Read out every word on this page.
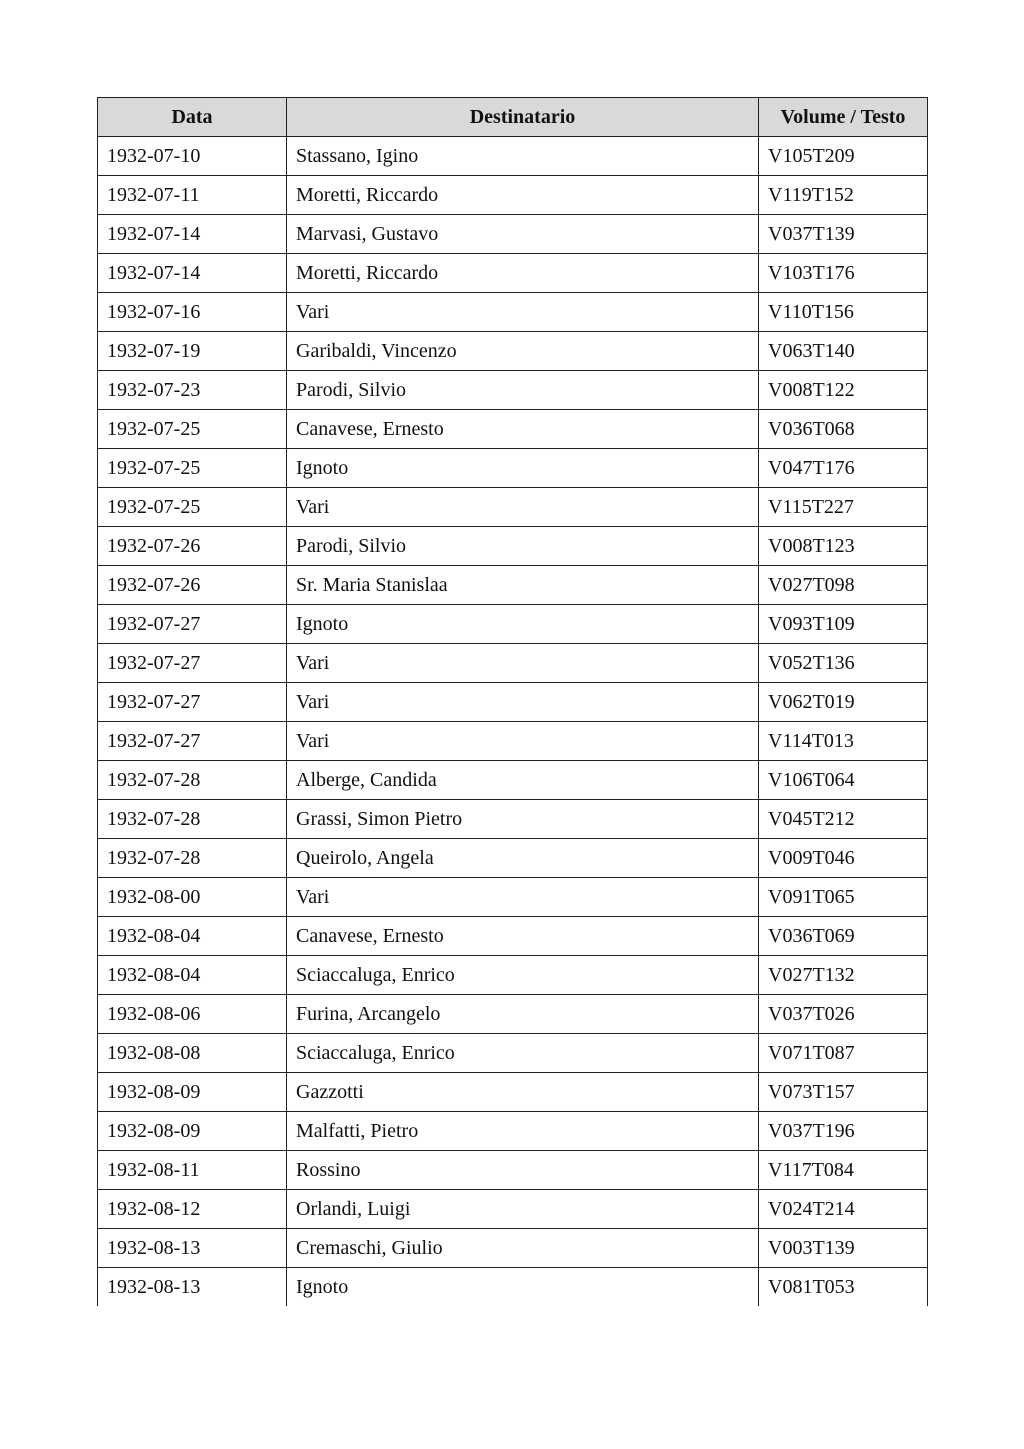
Data	Destinatario	Volume / Testo
1932-07-10	Stassano, Igino	V105T209
1932-07-11	Moretti, Riccardo	V119T152
1932-07-14	Marvasi, Gustavo	V037T139
1932-07-14	Moretti, Riccardo	V103T176
1932-07-16	Vari	V110T156
1932-07-19	Garibaldi, Vincenzo	V063T140
1932-07-23	Parodi, Silvio	V008T122
1932-07-25	Canavese, Ernesto	V036T068
1932-07-25	Ignoto	V047T176
1932-07-25	Vari	V115T227
1932-07-26	Parodi, Silvio	V008T123
1932-07-26	Sr. Maria Stanislaa	V027T098
1932-07-27	Ignoto	V093T109
1932-07-27	Vari	V052T136
1932-07-27	Vari	V062T019
1932-07-27	Vari	V114T013
1932-07-28	Alberge, Candida	V106T064
1932-07-28	Grassi, Simon Pietro	V045T212
1932-07-28	Queirolo, Angela	V009T046
1932-08-00	Vari	V091T065
1932-08-04	Canavese, Ernesto	V036T069
1932-08-04	Sciaccaluga, Enrico	V027T132
1932-08-06	Furina, Arcangelo	V037T026
1932-08-08	Sciaccaluga, Enrico	V071T087
1932-08-09	Gazzotti	V073T157
1932-08-09	Malfatti, Pietro	V037T196
1932-08-11	Rossino	V117T084
1932-08-12	Orlandi, Luigi	V024T214
1932-08-13	Cremaschi, Giulio	V003T139
1932-08-13	Ignoto	V081T053
